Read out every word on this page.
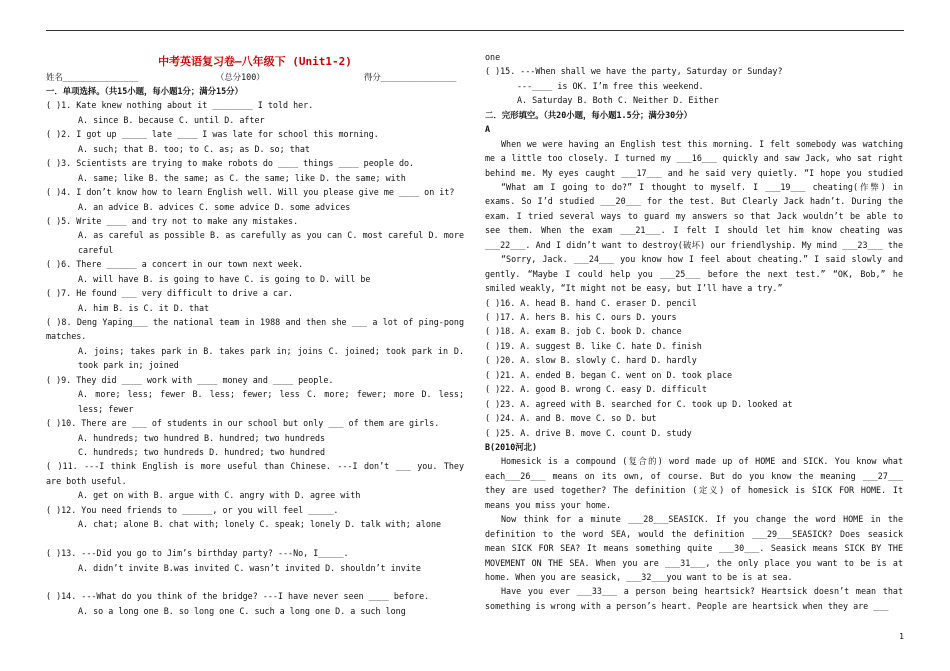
中考英语复习卷—八年级下 (Unit1-2)
姓名_______________	（总分100）	得分_______________
一．单项选择。（共15小题，每小题1分；满分15分）
( )1. Kate knew nothing about it ________ I told her.
A. since B. because C. until D. after
( )2. I got up _____ late ____ I was late for school this morning.
A. such; that B. too; to C. as; as D. so; that
( )3. Scientists are trying to make robots do ____ things ____ people do.
A. same; like B. the same; as C. the same; like D. the same; with
( )4. I don’t know how to learn English well. Will you please give me ____ on it?
A. an advice B. advices C. some advice D. some advices
( )5. Write ____ and try not to make any mistakes.
A. as careful as possible B. as carefully as you can C. most careful D. more careful
( )6. There ______ a concert in our town next week.
A. will have B. is going to have C. is going to D. will be
( )7. He found ___ very difficult to drive a car.
A. him B. is C. it D. that
( )8. Deng Yaping___ the national team in 1988 and then she ___ a lot of ping-pong matches.
A. joins; takes park in B. takes park in; joins C. joined; took park in D. took park in; joined
( )9. They did ____ work with ____ money and ____ people.
A. more; less; fewer B. less; fewer; less C. more; fewer; more D. less; less; fewer
( )10. There are ___ of students in our school but only ___ of them are girls.
A. hundreds; two hundred B. hundred; two hundreds
C. hundreds; two hundreds D. hundred; two hundred
( )11. ---I think English is more useful than Chinese. ---I don’t ___ you. They are both useful.
A. get on with B. argue with C. angry with D. agree with
( )12. You need friends to ______, or you will feel _____.
A. chat; alone B. chat with; lonely C. speak; lonely D. talk with; alone
( )13. ---Did you go to Jim’s birthday party? ---No, I_____.
A. didn’t invite B.was invited C. wasn’t invited D. shouldn’t invite
( )14. ---What do you think of the bridge? ---I have never seen ____ before.
A. so a long one B. so long one C. such a long one D. a such long
one
( )15. ---When shall we have the party, Saturday or Sunday?
---____ is OK. I’m free this weekend.
A. Saturday B. Both C. Neither D. Either
二．完形填空。（共20小题，每小题1.5分；满分30分）
A
When we were having an English test this morning. I felt somebody was watching me a little too closely. I turned my ___16___ quickly and saw Jack, who sat right behind me. My eyes caught ___17___ and he said very quietly. “I hope you studied
“What am I going to do?” I thought to myself. I ___19___ cheating(作弊) in exams. So I’d studied ___20___ for the test. But Clearly Jack hadn’t. During the exam. I tried several ways to guard my answers so that Jack wouldn’t be able to see them. When the exam ___21___. I felt I should let him know cheating was ___22___. And I didn’t want to destroy(破坏) our friendlyship. My mind ___23___ the
“Sorry, Jack. ___24___ you know how I feel about cheating.” I said slowly and gently. “Maybe I could help you ___25___ before the next test.” “OK, Bob,” he smiled weakly, “It might not be easy, but I’ll have a try.”
( )16. A. head B. hand C. eraser D. pencil
( )17. A. hers B. his C. ours D. yours
( )18. A. exam B. job C. book D. chance
( )19. A. suggest B. like C. hate D. finish
( )20. A. slow B. slowly C. hard D. hardly
( )21. A. ended B. began C. went on D. took place
( )22. A. good B. wrong C. easy D. difficult
( )23. A. agreed with B. searched for C. took up D. looked at
( )24. A. and B. move C. so D. but
( )25. A. drive B. move C. count D. study
B(2010河北)
Homesick is a compound (复合的) word made up of HOME and SICK. You know what each___26___ means on its own, of course. But do you know the meaning ___27___ they are used together? The definition (定义) of homesick is SICK FOR HOME. It means you miss your home.
Now think for a minute ___28___SEASICK. If you change the word HOME in the definition to the word SEA, would the definition ___29___SEASICK? Does seasick mean SICK FOR SEA? It means something quite ___30___. Seasick means SICK BY THE MOVEMENT ON THE SEA. When you are ___31___, the only place you want to be is at home. When you are seasick, ___32___you want to be is at sea.
Have you ever ___33___ a person being heartsick? Heartsick doesn’t mean that something is wrong with a person’s heart. People are heartsick when they are ___
1
